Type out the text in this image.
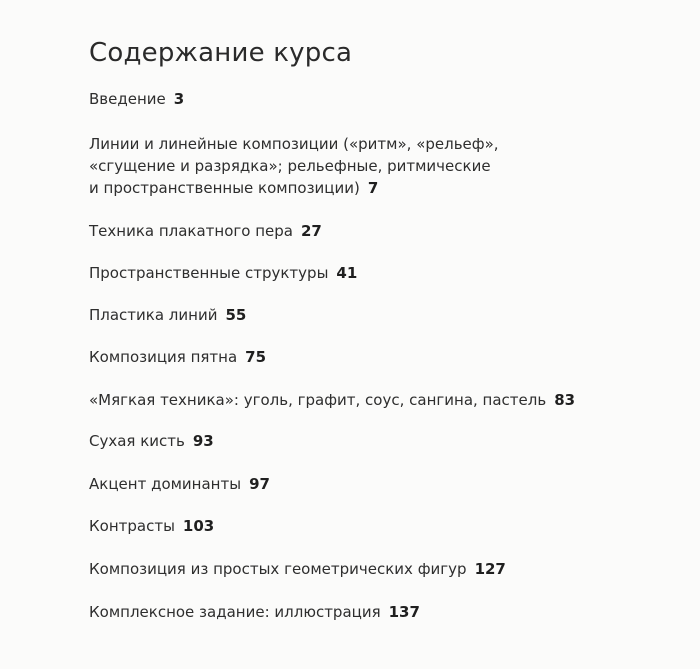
Содержание курса
Введение 3
Линии и линейные композиции («ритм», «рельеф»,
«сгущение и разрядка»; рельефные, ритмические
и пространственные композиции) 7
Техника плакатного пера 27
Пространственные структуры 41
Пластика линий 55
Композиция пятна 75
«Мягкая техника»: уголь, графит, соус, сангина, пастель 83
Сухая кисть 93
Акцент доминанты 97
Контрасты 103
Композиция из простых геометрических фигур 127
Комплексное задание: иллюстрация 137
